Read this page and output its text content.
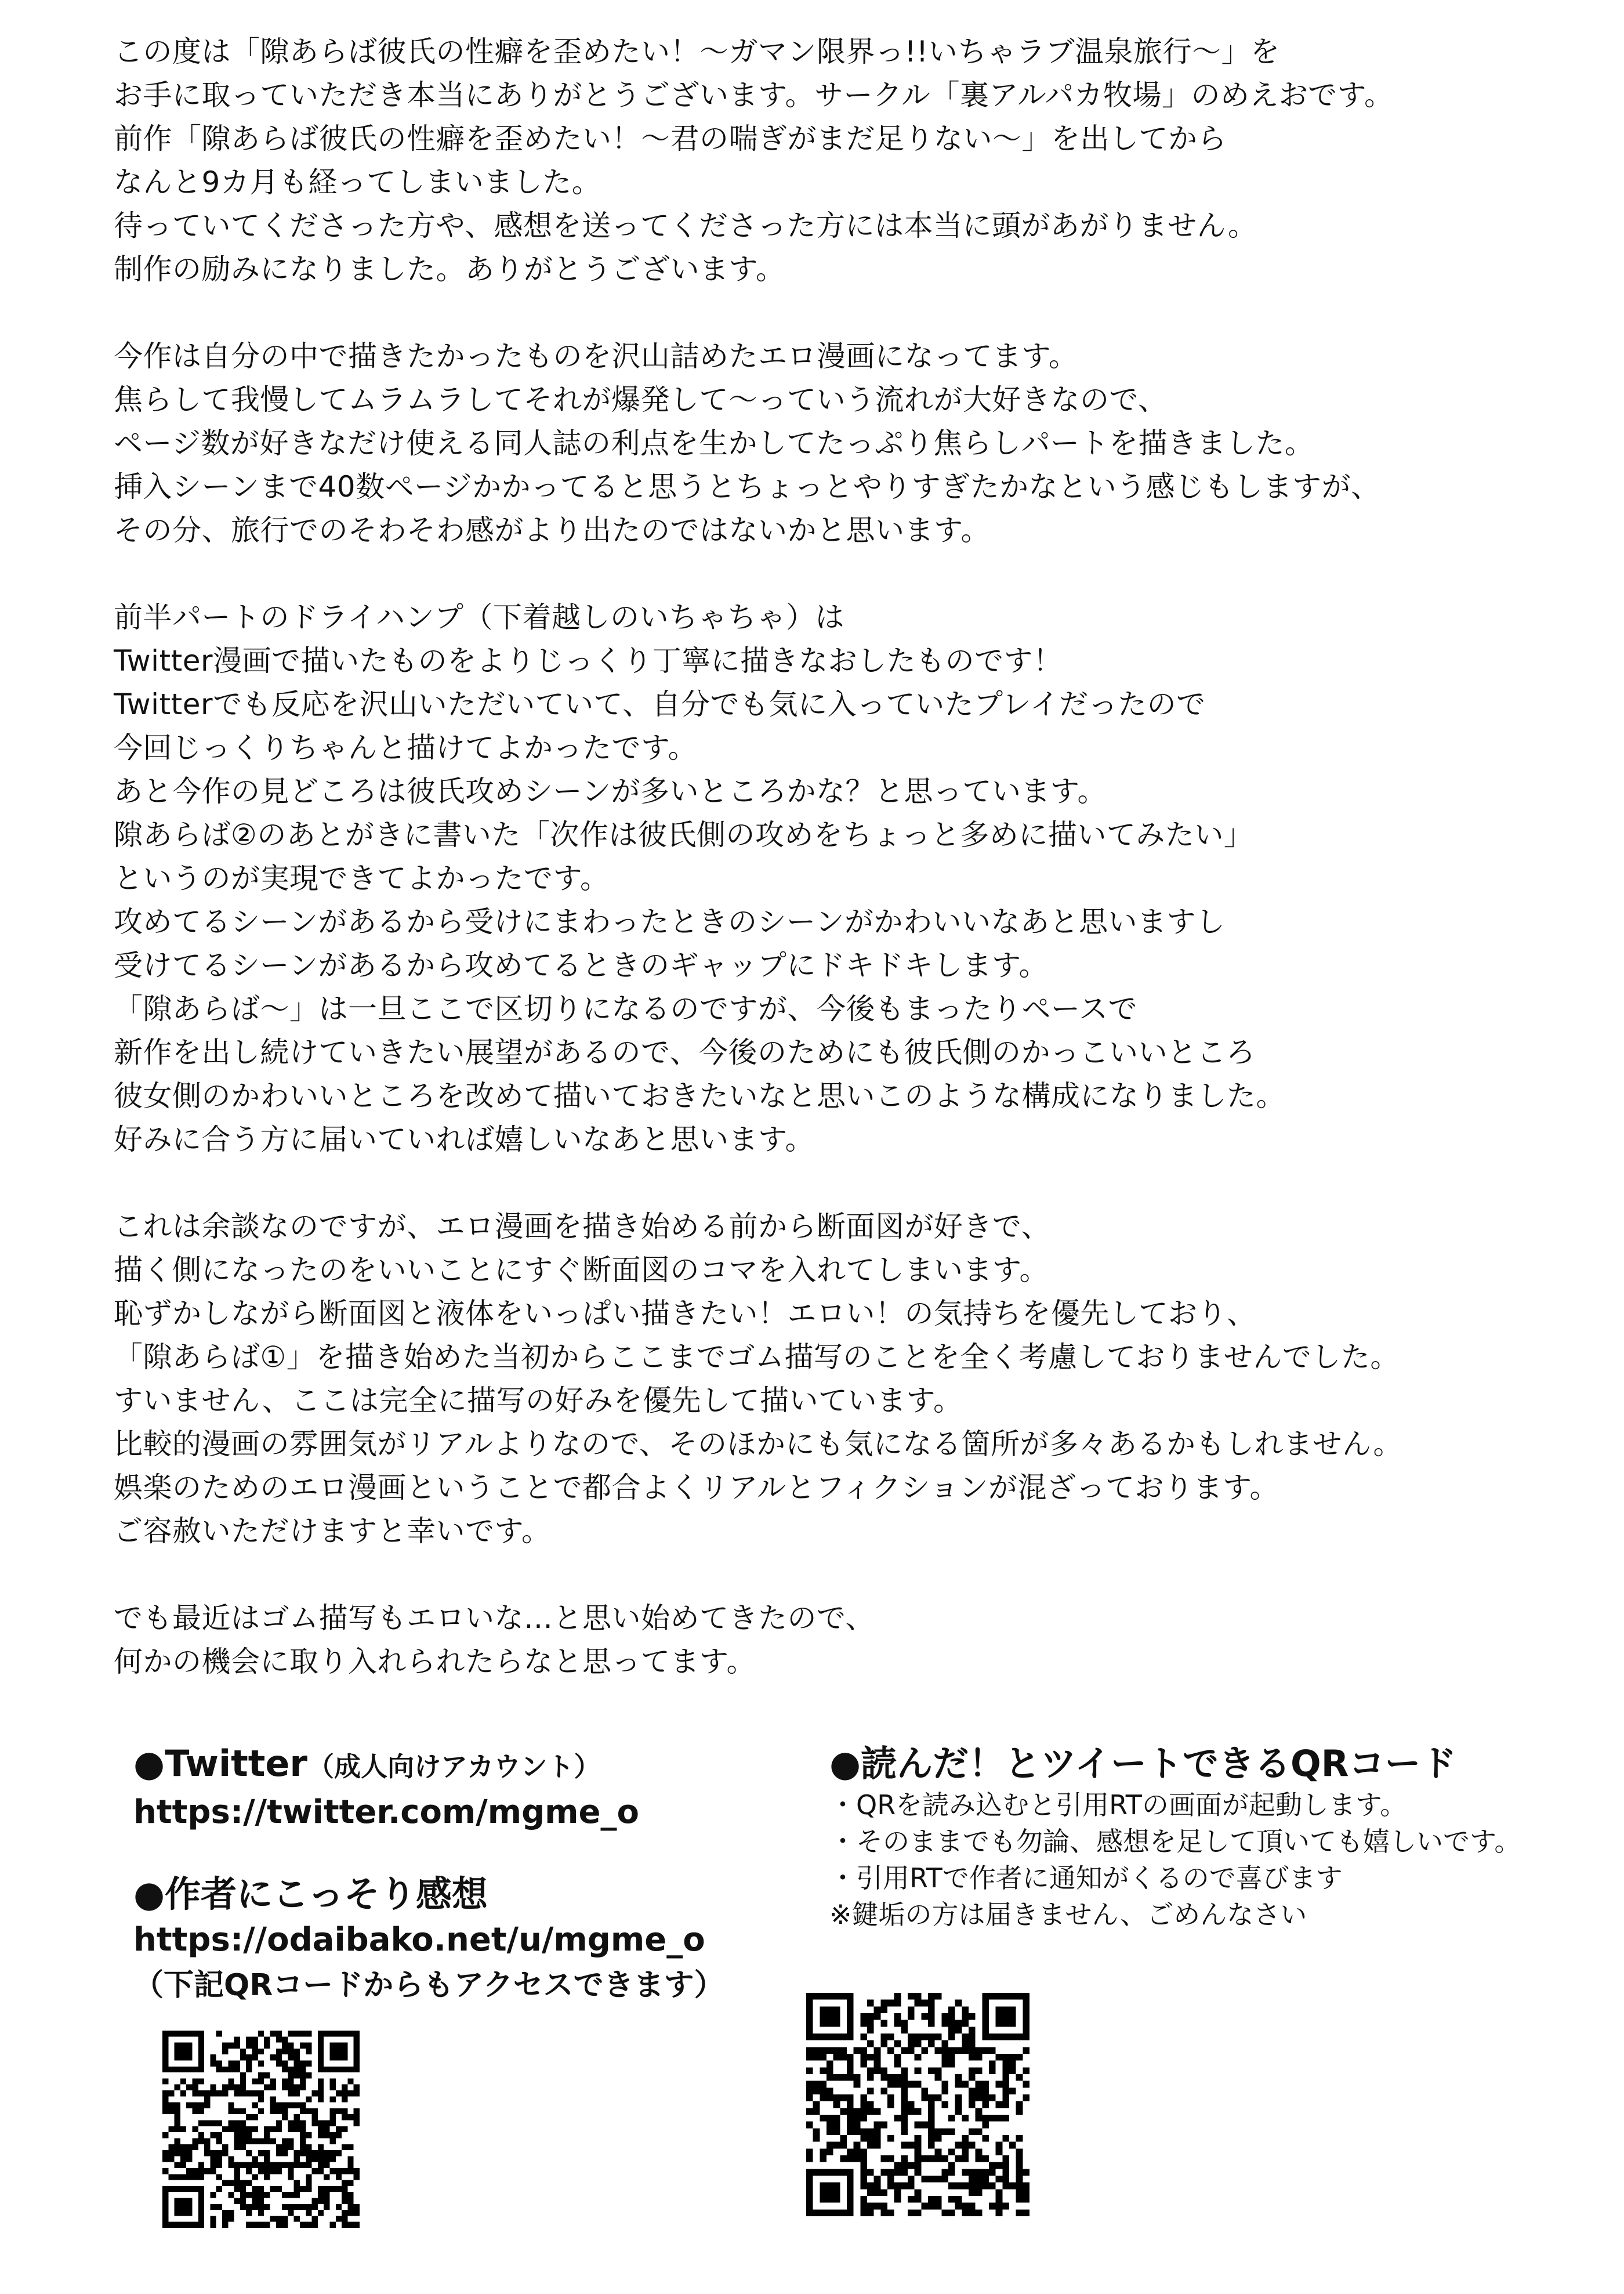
この度は「隙あらば彼氏の性癖を歪めたい！〜ガマン限界っ!!いちゃラブ温泉旅行〜」を
お手に取っていただき本当にありがとうございます。サークル「裏アルパカ牧場」のめえおです。
前作「隙あらば彼氏の性癖を歪めたい！〜君の喘ぎがまだ足りない〜」を出してから
なんと9カ月も経ってしまいました。
待っていてくださった方や、感想を送ってくださった方には本当に頭があがりません。
制作の励みになりました。ありがとうございます。
今作は自分の中で描きたかったものを沢山詰めたエロ漫画になってます。
焦らして我慢してムラムラしてそれが爆発して〜っていう流れが大好きなので、
ページ数が好きなだけ使える同人誌の利点を生かしてたっぷり焦らしパートを描きました。
挿入シーンまで40数ページかかってると思うとちょっとやりすぎたかなという感じもしますが、
その分、旅行でのそわそわ感がより出たのではないかと思います。
前半パートのドライハンプ（下着越しのいちゃちゃ）は
Twitter漫画で描いたものをよりじっくり丁寧に描きなおしたものです！
Twitterでも反応を沢山いただいていて、自分でも気に入っていたプレイだったので
今回じっくりちゃんと描けてよかったです。
あと今作の見どころは彼氏攻めシーンが多いところかな？と思っています。
隙あらば②のあとがきに書いた「次作は彼氏側の攻めをちょっと多めに描いてみたい」
というのが実現できてよかったです。
攻めてるシーンがあるから受けにまわったときのシーンがかわいいなあと思いますし
受けてるシーンがあるから攻めてるときのギャップにドキドキします。
「隙あらば〜」は一旦ここで区切りになるのですが、今後もまったりペースで
新作を出し続けていきたい展望があるので、今後のためにも彼氏側のかっこいいところ
彼女側のかわいいところを改めて描いておきたいなと思いこのような構成になりました。
好みに合う方に届いていれば嬉しいなあと思います。
これは余談なのですが、エロ漫画を描き始める前から断面図が好きで、
描く側になったのをいいことにすぐ断面図のコマを入れてしまいます。
恥ずかしながら断面図と液体をいっぱい描きたい！エロい！の気持ちを優先しており、
「隙あらば①」を描き始めた当初からここまでゴム描写のことを全く考慮しておりませんでした。
すいません、ここは完全に描写の好みを優先して描いています。
比較的漫画の雰囲気がリアルよりなので、そのほかにも気になる箇所が多々あるかもしれません。
娯楽のためのエロ漫画ということで都合よくリアルとフィクションが混ざっております。
ご容赦いただけますと幸いです。
でも最近はゴム描写もエロいな…と思い始めてきたので、
何かの機会に取り入れられたらなと思ってます。
●Twitter（成人向けアカウント）
https://twitter.com/mgme_o
●作者にこっそり感想
https://odaibako.net/u/mgme_o
（下記QRコードからもアクセスできます）
●読んだ！とツイートできるQRコード
・QRを読み込むと引用RTの画面が起動します。
・そのままでも勿論、感想を足して頂いても嬉しいです。
・引用RTで作者に通知がくるので喜びます
※鍵垢の方は届きません、ごめんなさい
